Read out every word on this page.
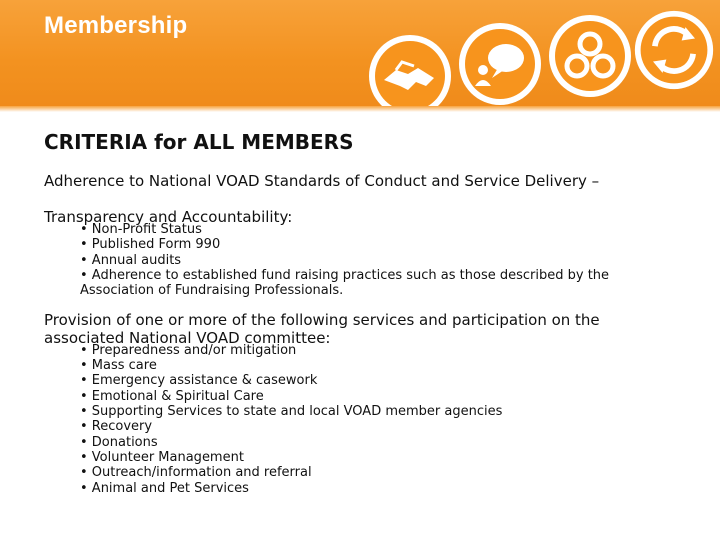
Membership
CRITERIA for ALL MEMBERS

Adherence to National VOAD Standards of Conduct and Service Delivery –

Transparency and Accountability:

• Non-Profit Status
• Published Form 990
• Annual audits
• Adherence to established fund raising practices such as those described by the Association of Fundraising Professionals.

Provision of one or more of the following services and participation on the associated National VOAD committee:

• Preparedness and/or mitigation
• Mass care
• Emergency assistance & casework
• Emotional & Spiritual Care
• Supporting Services to state and local VOAD member agencies
• Recovery
• Donations
• Volunteer Management
• Outreach/information and referral
• Animal and Pet Services
